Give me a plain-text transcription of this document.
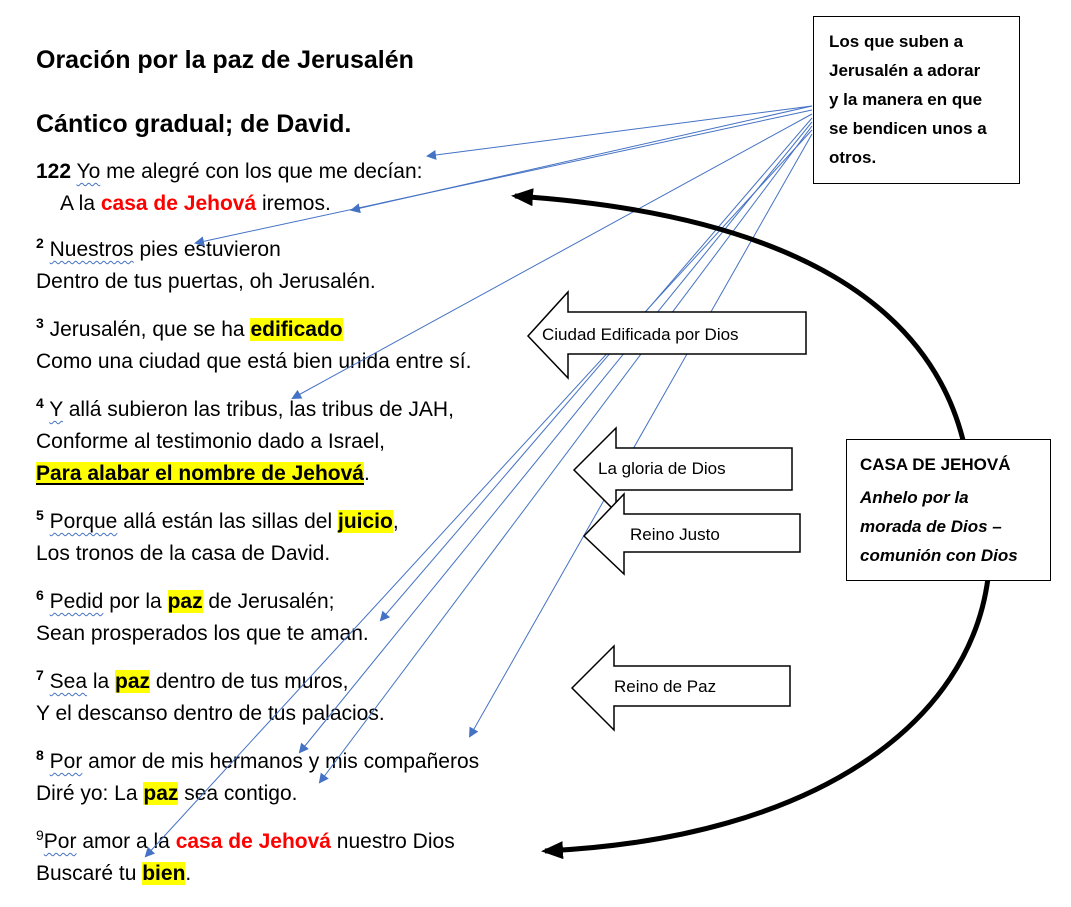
Oración por la paz de Jerusalén
Cántico gradual; de David.
122 Yo me alegré con los que me decían:
A la casa de Jehová iremos.
$^2$ Nuestros pies estuvieron
Dentro de tus puertas, oh Jerusalén.
$^3$ Jerusalén, que se ha edificado
Como una ciudad que está bien unida entre sí.
$^4$ Y allá subieron las tribus, las tribus de JAH,
Conforme al testimonio dado a Israel,
Para alabar el nombre de Jehová.
$^5$ Porque allá están las sillas del juicio,
Los tronos de la casa de David.
$^6$ Pedid por la paz de Jerusalén;
Sean prosperados los que te aman.
$^7$ Sea la paz dentro de tus muros,
Y el descanso dentro de tus palacios.
$^8$ Por amor de mis hermanos y mis compañeros
Diré yo: La paz sea contigo.
$^9$Por amor a la casa de Jehová nuestro Dios
Buscaré tu bien.
Ciudad Edificada por Dios
La gloria de Dios
Reino Justo
Reino de Paz
Los que suben a
Jerusalén a adorar
y la manera en que
se bendicen unos a
otros.
CASA DE JEHOVÁ
Anhelo por la
morada de Dios –
comunión con Dios
